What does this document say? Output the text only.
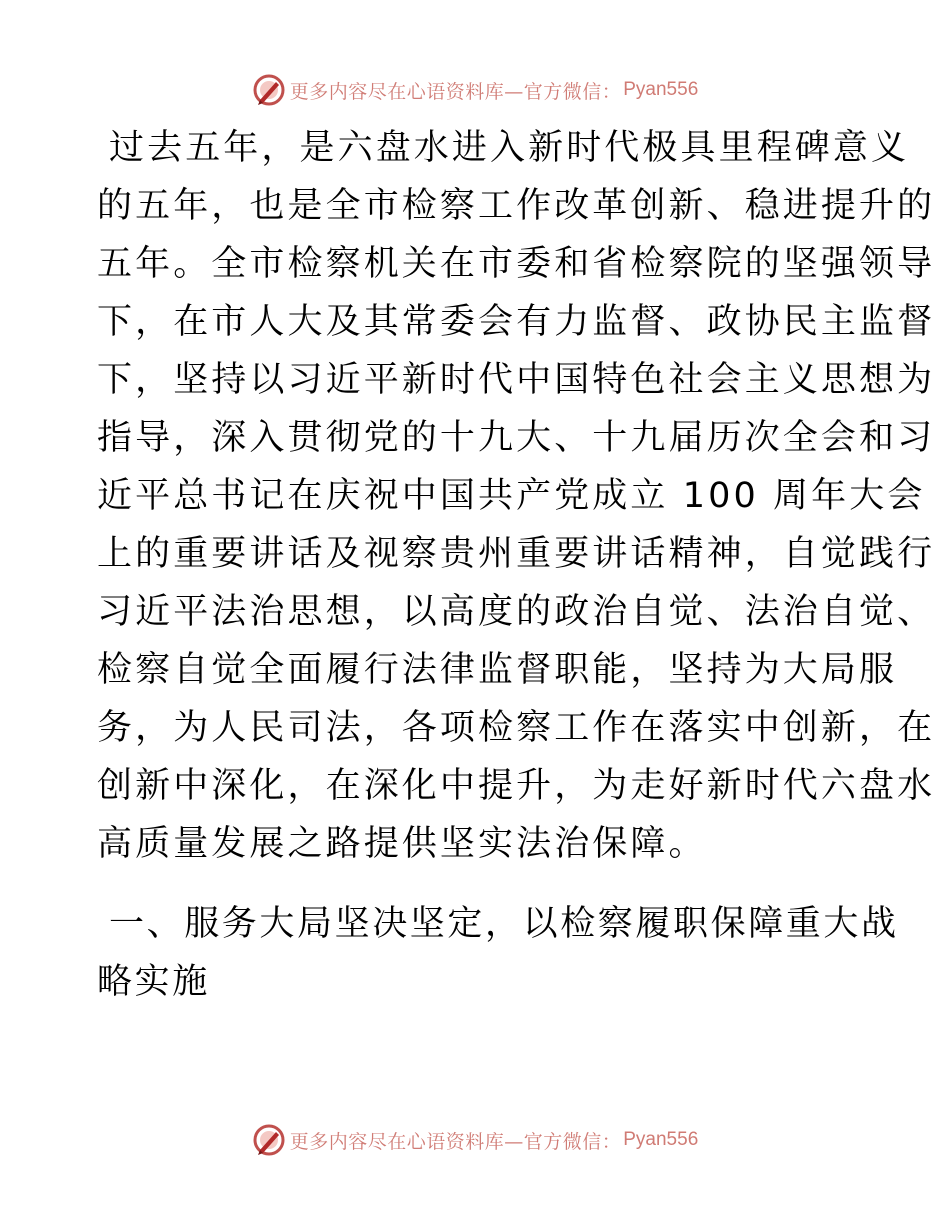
更多内容尽在心语资料库—官方微信： Pyan556
过去五年，是六盘水进入新时代极具里程碑意义
的五年，也是全市检察工作改革创新、稳进提升的
五年。全市检察机关在市委和省检察院的坚强领导
下，在市人大及其常委会有力监督、政协民主监督
下，坚持以习近平新时代中国特色社会主义思想为
指导，深入贯彻党的十九大、十九届历次全会和习
近平总书记在庆祝中国共产党成立 100 周年大会
上的重要讲话及视察贵州重要讲话精神，自觉践行
习近平法治思想，以高度的政治自觉、法治自觉、
检察自觉全面履行法律监督职能，坚持为大局服
务，为人民司法，各项检察工作在落实中创新，在
创新中深化，在深化中提升，为走好新时代六盘水
高质量发展之路提供坚实法治保障。
一、服务大局坚决坚定，以检察履职保障重大战
略实施
更多内容尽在心语资料库—官方微信： Pyan556
